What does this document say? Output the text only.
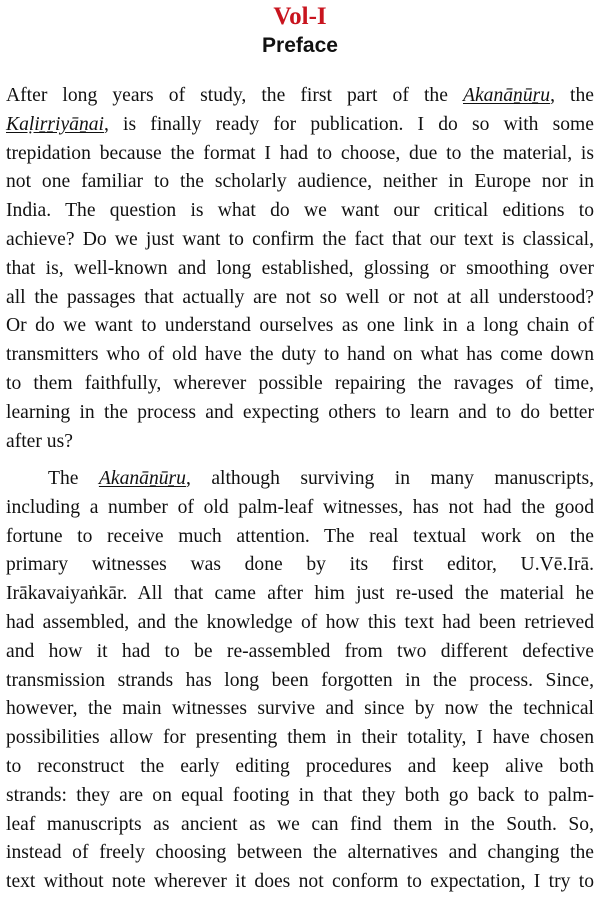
Vol-I
Preface

After long years of study, the first part of the Akanāṉūṟu, the
Kaḷiṟṟiyāṉai, is finally ready for publication. I do so with some
trepidation because the format I had to choose, due to the material, is
not one familiar to the scholarly audience, neither in Europe nor in
India. The question is what do we want our critical editions to
achieve? Do we just want to confirm the fact that our text is classical,
that is, well-known and long established, glossing or smoothing over
all the passages that actually are not so well or not at all understood?
Or do we want to understand ourselves as one link in a long chain of
transmitters who of old have the duty to hand on what has come down
to them faithfully, wherever possible repairing the ravages of time,
learning in the process and expecting others to learn and to do better
after us?

The Akanāṉūṟu, although surviving in many manuscripts,
including a number of old palm-leaf witnesses, has not had the good
fortune to receive much attention. The real textual work on the
primary witnesses was done by its first editor, U.Vē.Irā.
Irākavaiyaṅkār. All that came after him just re-used the material he
had assembled, and the knowledge of how this text had been retrieved
and how it had to be re-assembled from two different defective
transmission strands has long been forgotten in the process. Since,
however, the main witnesses survive and since by now the technical
possibilities allow for presenting them in their totality, I have chosen
to reconstruct the early editing procedures and keep alive both
strands: they are on equal footing in that they both go back to palm-
leaf manuscripts as ancient as we can find them in the South. So,
instead of freely choosing between the alternatives and changing the
text without note wherever it does not conform to expectation, I try to
